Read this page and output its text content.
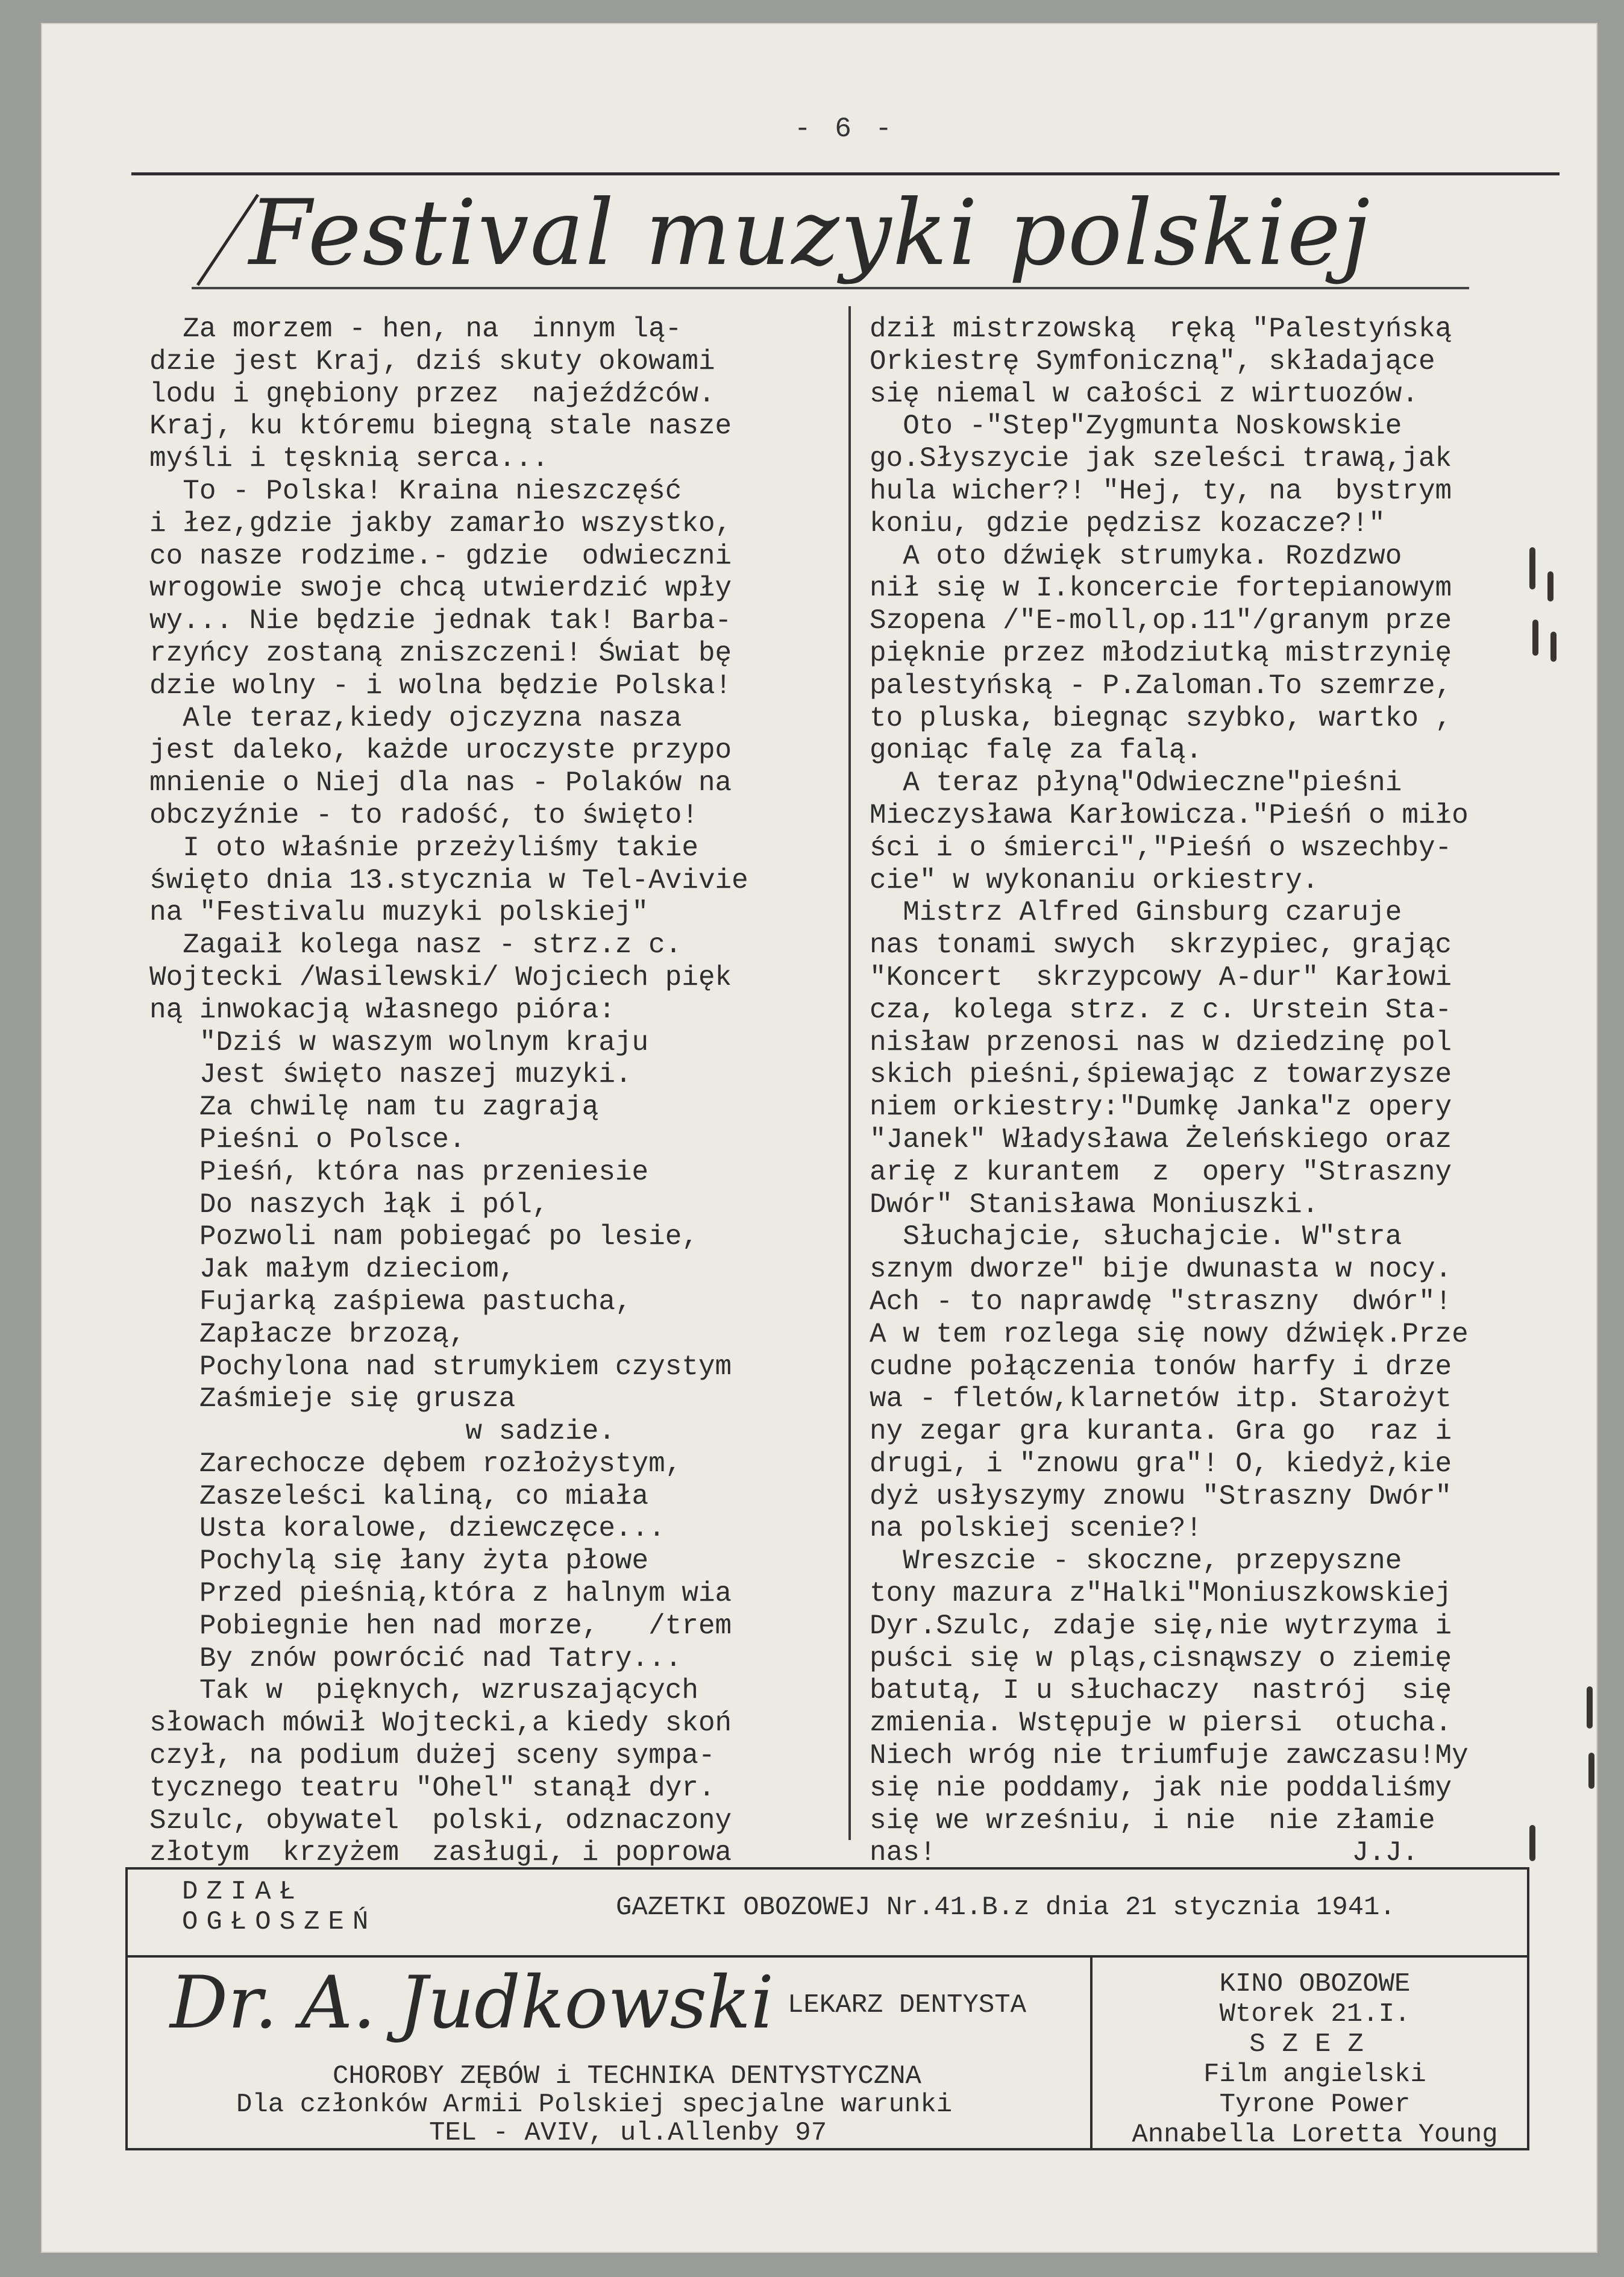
- 6 -
Festival muzyki polskiej
Za morzem - hen, na  innym lą-
dzie jest Kraj, dziś skuty okowami
lodu i gnębiony przez  najeźdźców.
Kraj, ku któremu biegną stale nasze
myśli i tęsknią serca...
To - Polska! Kraina nieszczęść
i łez,gdzie jakby zamarło wszystko,
co nasze rodzime.- gdzie  odwieczni
wrogowie swoje chcą utwierdzić wpły
wy... Nie będzie jednak tak! Barba-
rzyńcy zostaną zniszczeni! Świat bę
dzie wolny - i wolna będzie Polska!
Ale teraz,kiedy ojczyzna nasza
jest daleko, każde uroczyste przypo
mnienie o Niej dla nas - Polaków na
obczyźnie - to radość, to święto!
I oto właśnie przeżyliśmy takie
święto dnia 13.stycznia w Tel-Avivie
na "Festivalu muzyki polskiej"
Zagaił kolega nasz - strz.z c.
Wojtecki /Wasilewski/ Wojciech pięk
ną inwokacją własnego pióra:
"Dziś w waszym wolnym kraju
Jest święto naszej muzyki.
Za chwilę nam tu zagrają
Pieśni o Polsce.
Pieśń, która nas przeniesie
Do naszych łąk i pól,
Pozwoli nam pobiegać po lesie,
Jak małym dzieciom,
Fujarką zaśpiewa pastucha,
Zapłacze brzozą,
Pochylona nad strumykiem czystym
Zaśmieje się grusza
w sadzie.
Zarechocze dębem rozłożystym,
Zaszeleści kaliną, co miała
Usta koralowe, dziewczęce...
Pochylą się łany żyta płowe
Przed pieśnią,która z halnym wia
Pobiegnie hen nad morze,   /trem
By znów powrócić nad Tatry...
Tak w  pięknych, wzruszających
słowach mówił Wojtecki,a kiedy skoń
czył, na podium dużej sceny sympa-
tycznego teatru "Ohel" stanął dyr.
Szulc, obywatel  polski, odznaczony
złotym  krzyżem  zasługi, i poprowa
dził mistrzowską  ręką "Palestyńską
Orkiestrę Symfoniczną", składające
się niemal w całości z wirtuozów.
Oto -"Step"Zygmunta Noskowskie
go.Słyszycie jak szeleści trawą,jak
hula wicher?! "Hej, ty, na  bystrym
koniu, gdzie pędzisz kozacze?!"
A oto dźwięk strumyka. Rozdzwo
nił się w I.koncercie fortepianowym
Szopena /"E-moll,op.11"/granym prze
pięknie przez młodziutką mistrzynię
palestyńską - P.Zaloman.To szemrze,
to pluska, biegnąc szybko, wartko ,
goniąc falę za falą.
A teraz płyną"Odwieczne"pieśni
Mieczysława Karłowicza."Pieśń o miło
ści i o śmierci","Pieśń o wszechby-
cie" w wykonaniu orkiestry.
Mistrz Alfred Ginsburg czaruje
nas tonami swych  skrzypiec, grając
"Koncert  skrzypcowy A-dur" Karłowi
cza, kolega strz. z c. Urstein Sta-
nisław przenosi nas w dziedzinę pol
skich pieśni,śpiewając z towarzysze
niem orkiestry:"Dumkę Janka"z opery
"Janek" Władysława Żeleńskiego oraz
arię z kurantem  z  opery "Straszny
Dwór" Stanisława Moniuszki.
Słuchajcie, słuchajcie. W"stra
sznym dworze" bije dwunasta w nocy.
Ach - to naprawdę "straszny  dwór"!
A w tem rozlega się nowy dźwięk.Prze
cudne połączenia tonów harfy i drze
wa - fletów,klarnetów itp. Starożyt
ny zegar gra kuranta. Gra go  raz i
drugi, i "znowu gra"! O, kiedyż,kie
dyż usłyszymy znowu "Straszny Dwór"
na polskiej scenie?!
Wreszcie - skoczne, przepyszne
tony mazura z"Halki"Moniuszkowskiej
Dyr.Szulc, zdaje się,nie wytrzyma i
puści się w pląs,cisnąwszy o ziemię
batutą, I u słuchaczy  nastrój  się
zmienia. Wstępuje w piersi  otucha.
Niech wróg nie triumfuje zawczasu!My
się nie poddamy, jak nie poddaliśmy
się we wrześniu, i nie  nie złamie
nas!                         J.J.
DZIAŁ
OGŁOSZEŃ	GAZETKI OBOZOWEJ Nr.41.B.z dnia 21 stycznia 1941.
Dr. A. Judkowski LEKARZ DENTYSTA
CHOROBY ZĘBÓW i TECHNIKA DENTYSTYCZNA
Dla członków Armii Polskiej specjalne warunki
TEL - AVIV, ul.Allenby 97
KINO OBOZOWE
Wtorek 21.I.
SZEZ
Film angielski
Tyrone Power
Annabella Loretta Young
